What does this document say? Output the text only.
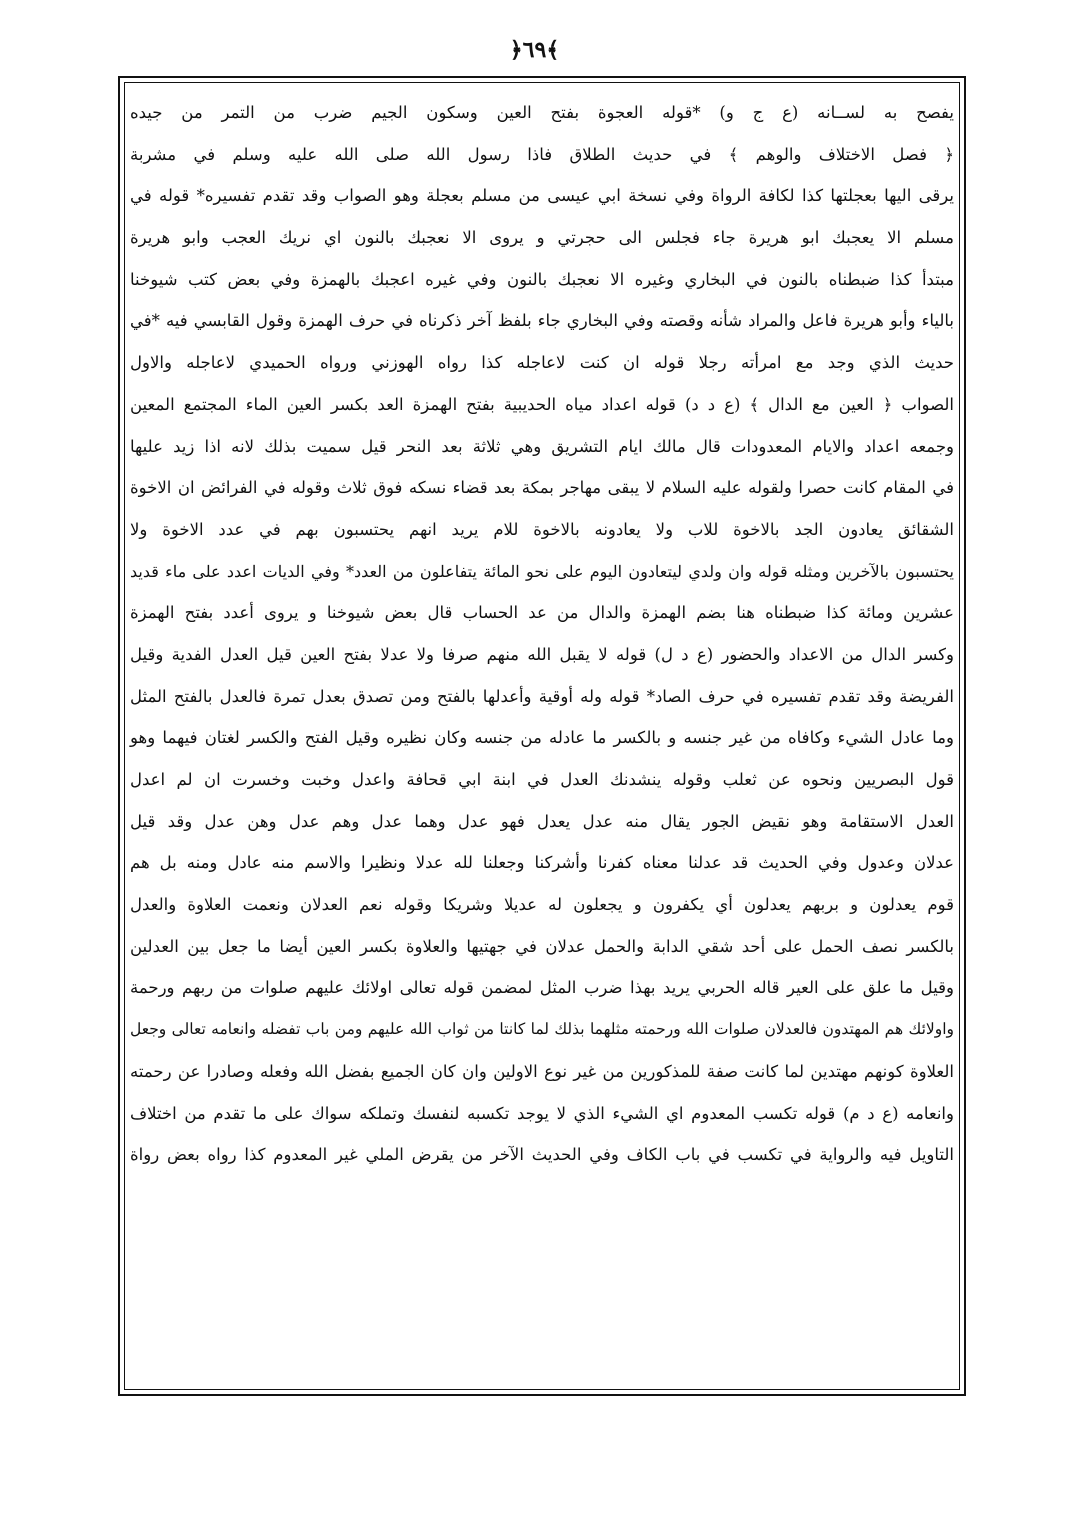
﴿٦٩﴾
يفصح به لســانه (ع ج و) *قوله العجوة بفتح العين وسكون الجيم ضرب من التمر من جيده
﴿ فصل الاختلاف والوهم ﴾ في حديث الطلاق فاذا رسول الله صلى الله عليه وسلم في مشربة
يرقى اليها بعجلتها كذا لكافة الرواة وفي نسخة ابي عيسى من مسلم بعجلة وهو الصواب وقد تقدم تفسيره* قوله في
مسلم الا يعجبك ابو هريرة جاء فجلس الى حجرتي و يروى الا نعجبك بالنون اي نريك العجب وابو هريرة
مبتدأ كذا ضبطناه بالنون في البخاري وغيره الا نعجبك بالنون وفي غيره اعجبك بالهمزة وفي بعض كتب شيوخنا
بالياء وأبو هريرة فاعل والمراد شأنه وقصته وفي البخاري جاء بلفظ آخر ذكرناه في حرف الهمزة وقول القابسي فيه *في
حديث الذي وجد مع امرأته رجلا قوله ان كنت لاعاجله كذا رواه الهوزني ورواه الحميدي لاعاجله والاول
الصواب ﴿ العين مع الدال ﴾ (ع د د) قوله اعداد مياه الحديبية بفتح الهمزة العد بكسر العين الماء المجتمع المعين
وجمعه اعداد والايام المعدودات قال مالك ايام التشريق وهي ثلاثة بعد النحر قيل سميت بذلك لانه اذا زيد عليها
في المقام كانت حصرا ولقوله عليه السلام لا يبقى مهاجر بمكة بعد قضاء نسكه فوق ثلاث وقوله في الفرائض ان الاخوة
الشقائق يعادون الجد بالاخوة للاب ولا يعادونه بالاخوة للام يريد انهم يحتسبون بهم في عدد الاخوة ولا
يحتسبون بالآخرين ومثله قوله وان ولدي ليتعادون اليوم على نحو المائة يتفاعلون من العدد* وفي الديات اعدد على ماء قديد
عشرين ومائة كذا ضبطناه هنا بضم الهمزة والدال من عد الحساب قال بعض شيوخنا و يروى أعدد بفتح الهمزة
وكسر الدال من الاعداد والحضور (ع د ل) قوله لا يقبل الله منهم صرفا ولا عدلا بفتح العين قيل العدل الفدية وقيل
الفريضة وقد تقدم تفسيره في حرف الصاد* قوله وله أوقية وأعدلها بالفتح ومن تصدق بعدل تمرة فالعدل بالفتح المثل
وما عادل الشيء وكافاه من غير جنسه و بالكسر ما عادله من جنسه وكان نظيره وقيل الفتح والكسر لغتان فيهما وهو
قول البصريين ونحوه عن ثعلب وقوله ينشدنك العدل في ابنة ابي قحافة واعدل وخبت وخسرت ان لم اعدل
العدل الاستقامة وهو نقيض الجور يقال منه عدل يعدل فهو عدل وهما عدل وهم عدل وهن عدل وقد قيل
عدلان وعدول وفي الحديث قد عدلنا معناه كفرنا وأشركنا وجعلنا لله عدلا ونظيرا والاسم منه عادل ومنه بل هم
قوم يعدلون و بربهم يعدلون أي يكفرون و يجعلون له عديلا وشريكا وقوله نعم العدلان ونعمت العلاوة والعدل
بالكسر نصف الحمل على أحد شقي الدابة والحمل عدلان في جهتيها والعلاوة بكسر العين أيضا ما جعل بين العدلين
وقيل ما علق على العير قاله الحربي يريد بهذا ضرب المثل لمضمن قوله تعالى اولائك عليهم صلوات من ربهم ورحمة
واولائك هم المهتدون فالعدلان صلوات الله ورحمته مثلهما بذلك لما كانتا من ثواب الله عليهم ومن باب تفضله وانعامه تعالى وجعل
العلاوة كونهم مهتدين لما كانت صفة للمذكورين من غير نوع الاولين وان كان الجميع بفضل الله وفعله وصادرا عن رحمته
وانعامه (ع د م) قوله تكسب المعدوم اي الشيء الذي لا يوجد تكسبه لنفسك وتملكه سواك على ما تقدم من اختلاف
التاويل فيه والرواية في تكسب في باب الكاف وفي الحديث الآخر من يقرض الملي غير المعدوم كذا رواه بعض رواة
